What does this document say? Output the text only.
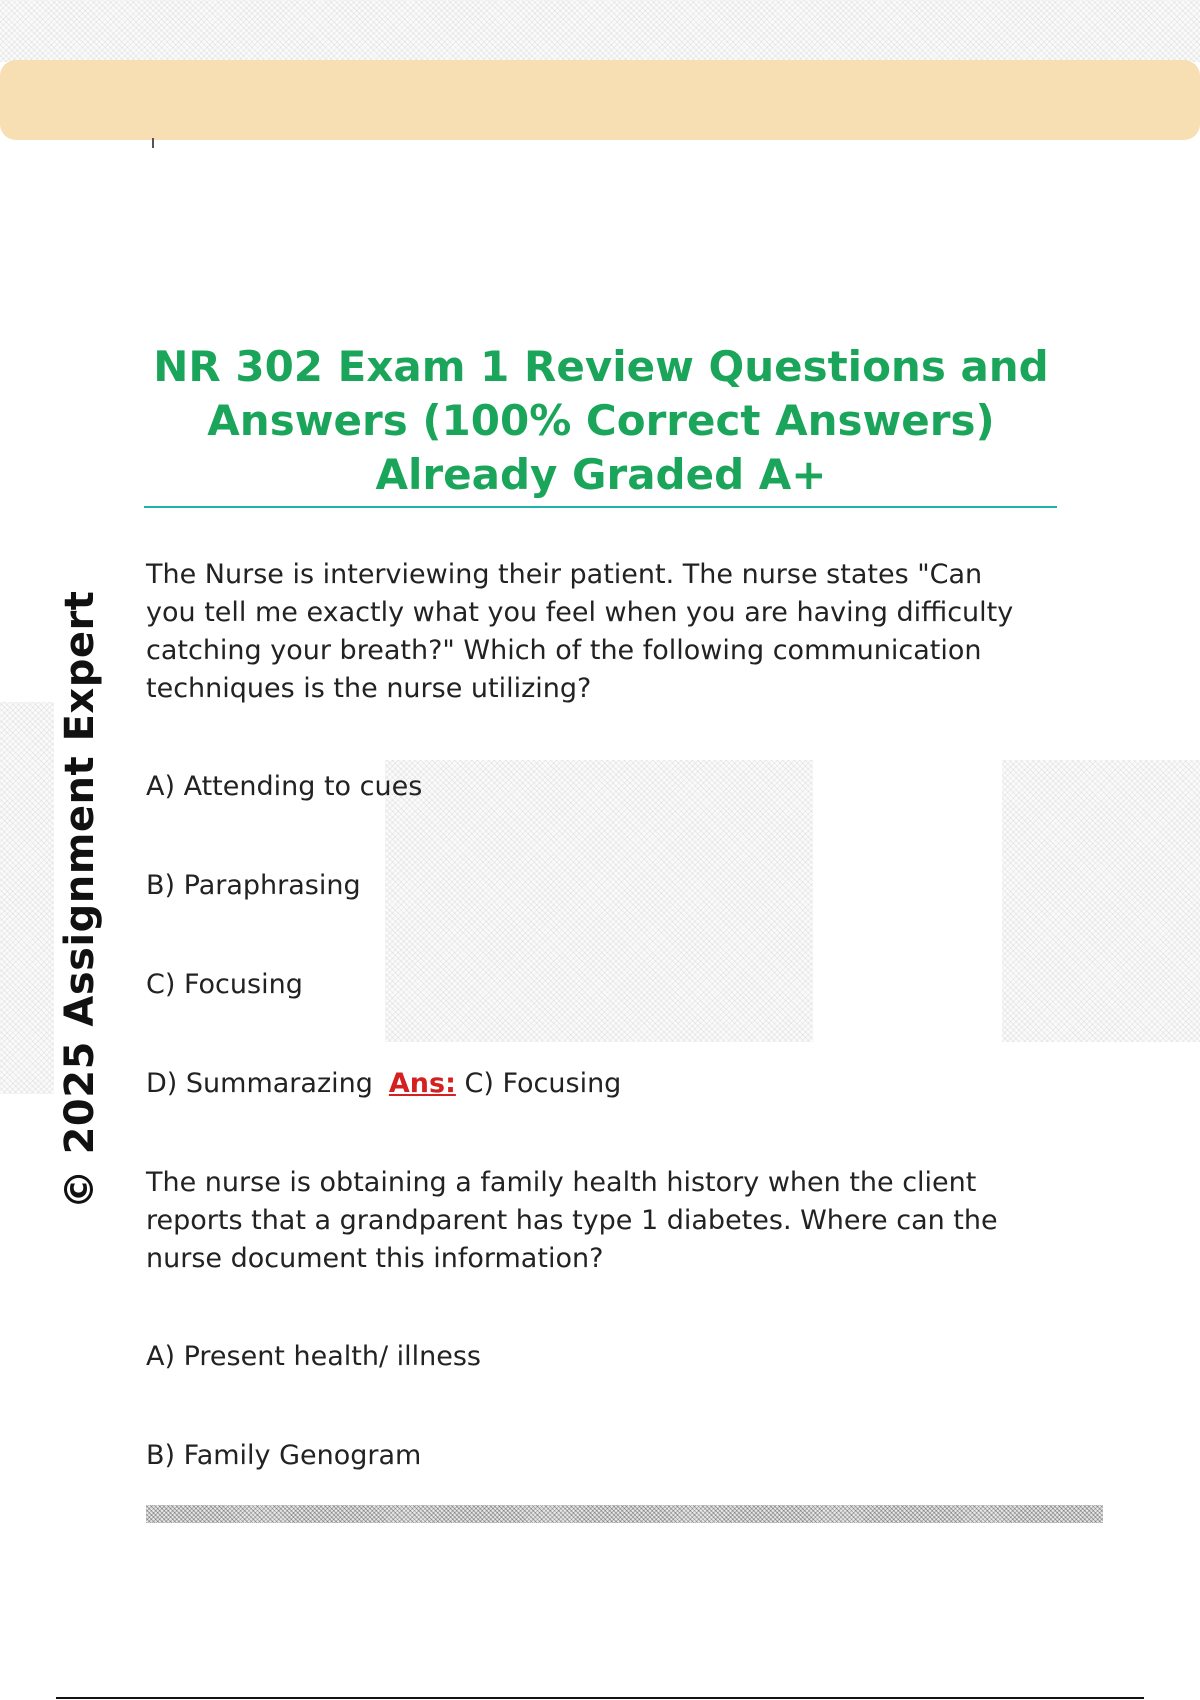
© 2025 Assignment Expert
NR 302 Exam 1 Review Questions and Answers (100% Correct Answers) Already Graded A+

The Nurse is interviewing their patient. The nurse states "Can you tell me exactly what you feel when you are having difficulty catching your breath?" Which of the following communication techniques is the nurse utilizing?

A) Attending to cues

B) Paraphrasing

C) Focusing

D) Summarazing Ans: C) Focusing

The nurse is obtaining a family health history when the client reports that a grandparent has type 1 diabetes. Where can the nurse document this information?

A) Present health/ illness

B) Family Genogram
